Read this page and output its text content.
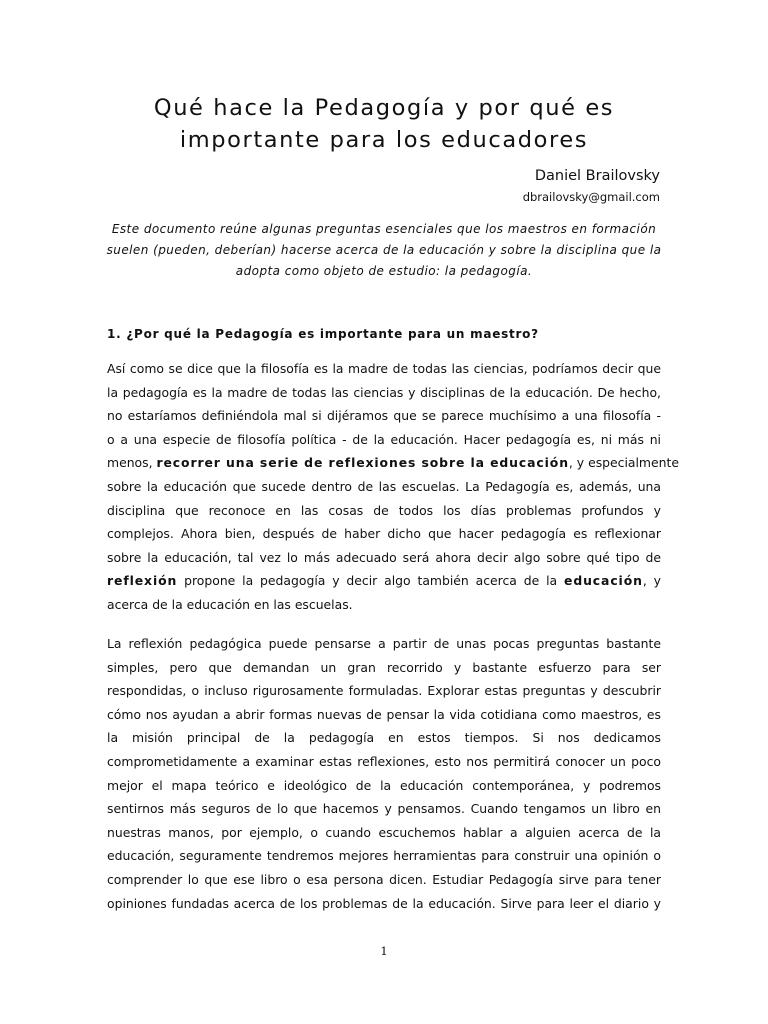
Qué hace la Pedagogía y por qué es
importante para los educadores
Daniel Brailovsky
dbrailovsky@gmail.com

Este documento reúne algunas preguntas esenciales que los maestros en formación
suelen (pueden, deberían) hacerse acerca de la educación y sobre la disciplina que la
adopta como objeto de estudio: la pedagogía.

1. ¿Por qué la Pedagogía es importante para un maestro?
Así como se dice que la filosofía es la madre de todas las ciencias, podríamos decir que
la pedagogía es la madre de todas las ciencias y disciplinas de la educación. De hecho,
no estaríamos definiéndola mal si dijéramos que se parece muchísimo a una filosofía -
o a una especie de filosofía política - de la educación. Hacer pedagogía es, ni más ni
menos, recorrer una serie de reflexiones sobre la educación, y especialmente
sobre la educación que sucede dentro de las escuelas. La Pedagogía es, además, una
disciplina que reconoce en las cosas de todos los días problemas profundos y
complejos. Ahora bien, después de haber dicho que hacer pedagogía es reflexionar
sobre la educación, tal vez lo más adecuado será ahora decir algo sobre qué tipo de
reflexión propone la pedagogía y decir algo también acerca de la educación, y
acerca de la educación en las escuelas.
La reflexión pedagógica puede pensarse a partir de unas pocas preguntas bastante
simples, pero que demandan un gran recorrido y bastante esfuerzo para ser
respondidas, o incluso rigurosamente formuladas. Explorar estas preguntas y descubrir
cómo nos ayudan a abrir formas nuevas de pensar la vida cotidiana como maestros, es
la misión principal de la pedagogía en estos tiempos. Si nos dedicamos
comprometidamente a examinar estas reflexiones, esto nos permitirá conocer un poco
mejor el mapa teórico e ideológico de la educación contemporánea, y podremos
sentirnos más seguros de lo que hacemos y pensamos. Cuando tengamos un libro en
nuestras manos, por ejemplo, o cuando escuchemos hablar a alguien acerca de la
educación, seguramente tendremos mejores herramientas para construir una opinión o
comprender lo que ese libro o esa persona dicen. Estudiar Pedagogía sirve para tener
opiniones fundadas acerca de los problemas de la educación. Sirve para leer el diario y
1
